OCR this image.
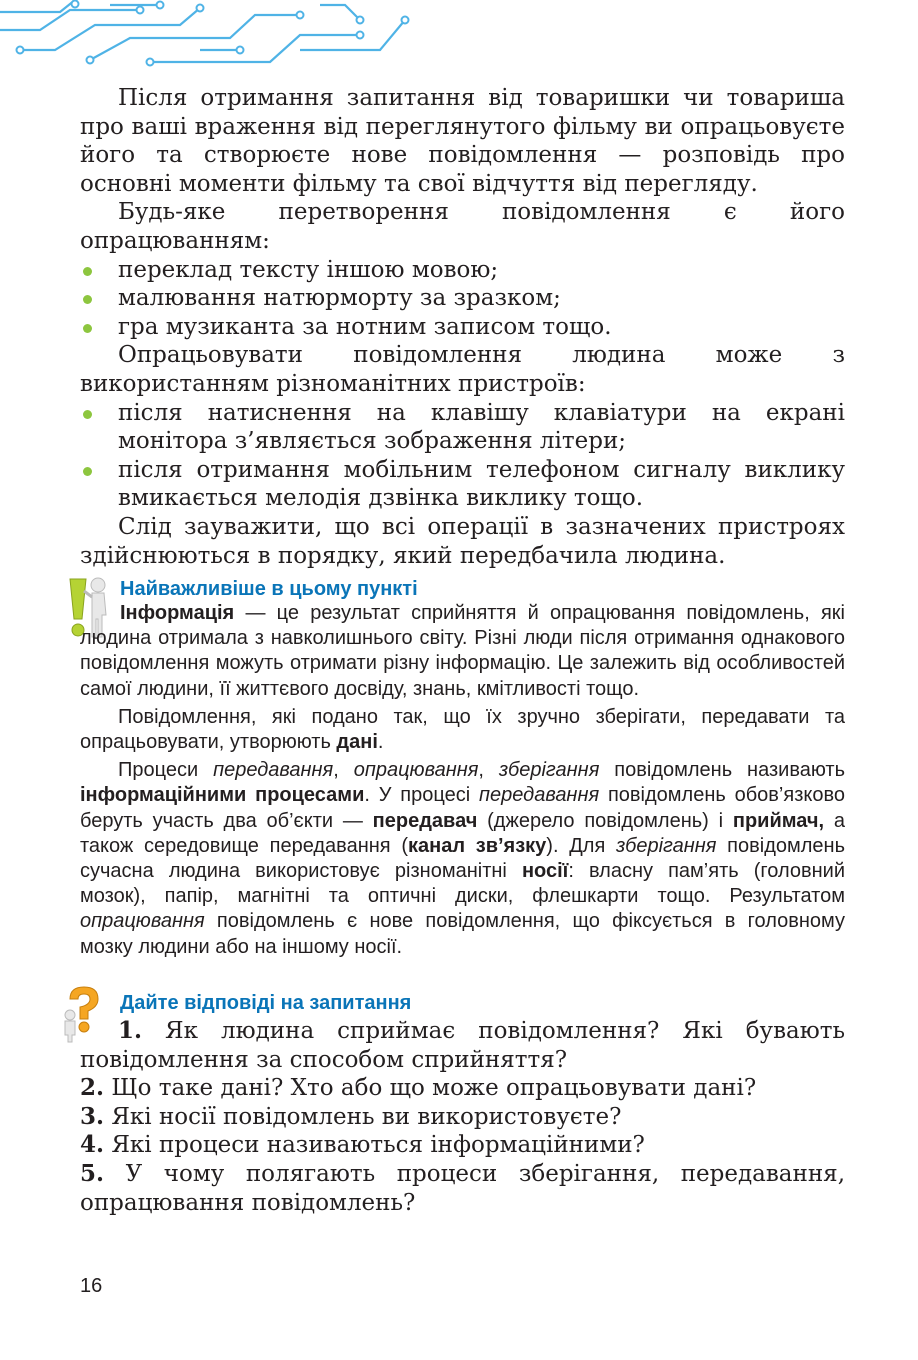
Після отримання запитання від товаришки чи товариша про ваші враження від переглянутого фільму ви опрацьовуєте його та створюєте нове повідомлення — розповідь про основні моменти фільму та свої відчуття від перегляду.

Будь-яке перетворення повідомлення є його опрацюванням:

переклад тексту іншою мовою;

малювання натюрморту за зразком;

гра музиканта за нотним записом тощо.

Опрацьовувати повідомлення людина може з використанням різноманітних пристроїв:

після натиснення на клавішу клавіатури на екрані монітора з’являється зображення літери;

після отримання мобільним телефоном сигналу виклику вмикається мелодія дзвінка виклику тощо.

Слід зауважити, що всі операції в зазначених пристроях здійснюються в порядку, який передбачила людина.

Найважливіше в цьому пункті

Інформація — це результат сприйняття й опрацювання повідомлень, які людина отримала з навколишнього світу. Різні люди після отримання однакового повідомлення можуть отримати різну інформацію. Це залежить від особливостей самої людини, її життєвого досвіду, знань, кмітливості тощо.

Повідомлення, які подано так, що їх зручно зберігати, передавати та опрацьовувати, утворюють дані.

Процеси передавання, опрацювання, зберігання повідомлень називають інформаційними процесами. У процесі передавання повідомлень обов’язково беруть участь два об’єкти — передавач (джерело повідомлень) і приймач, а також середовище передавання (канал зв’язку). Для зберігання повідомлень сучасна людина використовує різноманітні носії: власну пам’ять (головний мозок), папір, магнітні та оптичні диски, флешкарти тощо. Результатом опрацювання повідомлень є нове повідомлення, що фіксується в головному мозку людини або на іншому носії.

Дайте відповіді на запитання

1. Як людина сприймає повідомлення? Які бувають повідомлення за способом сприйняття?

2. Що таке дані? Хто або що може опрацьовувати дані?

3. Які носії повідомлень ви використовуєте?

4. Які процеси називаються інформаційними?

5. У чому полягають процеси зберігання, передавання, опрацювання повідомлень?

16
